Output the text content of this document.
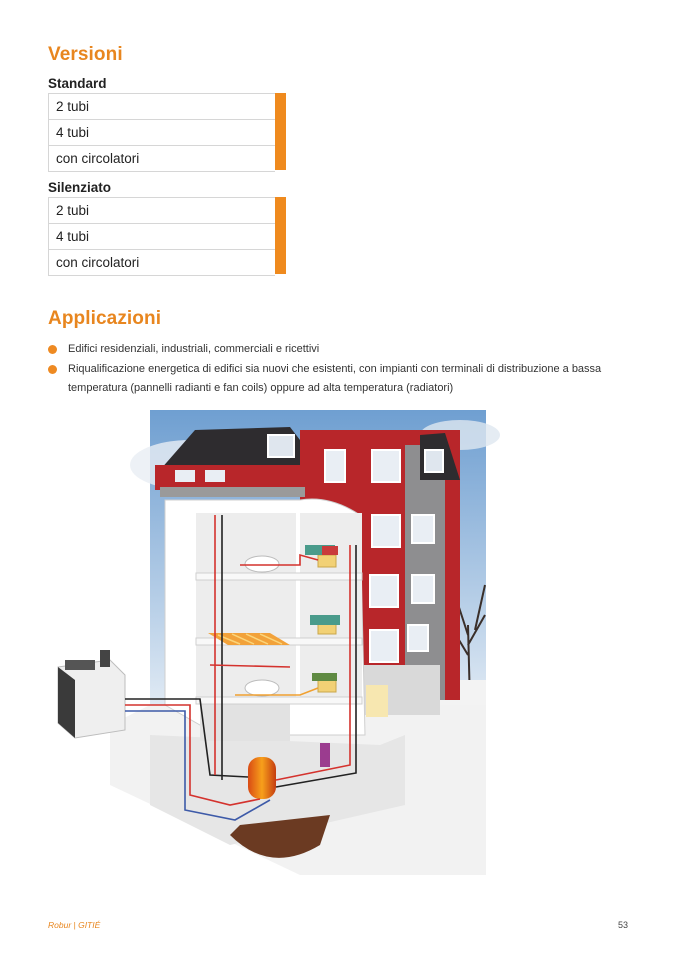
Versioni
Standard
2 tubi
4 tubi
con circolatori
Silenziato
2 tubi
4 tubi
con circolatori
Applicazioni
Edifici residenziali, industriali, commerciali e ricettivi
Riqualificazione energetica di edifici sia nuovi che esistenti, con impianti con terminali di distribuzione a bassa temperatura (pannelli radianti e fan coils) oppure ad alta temperatura (radiatori)
Robur | GITIÉ	53
